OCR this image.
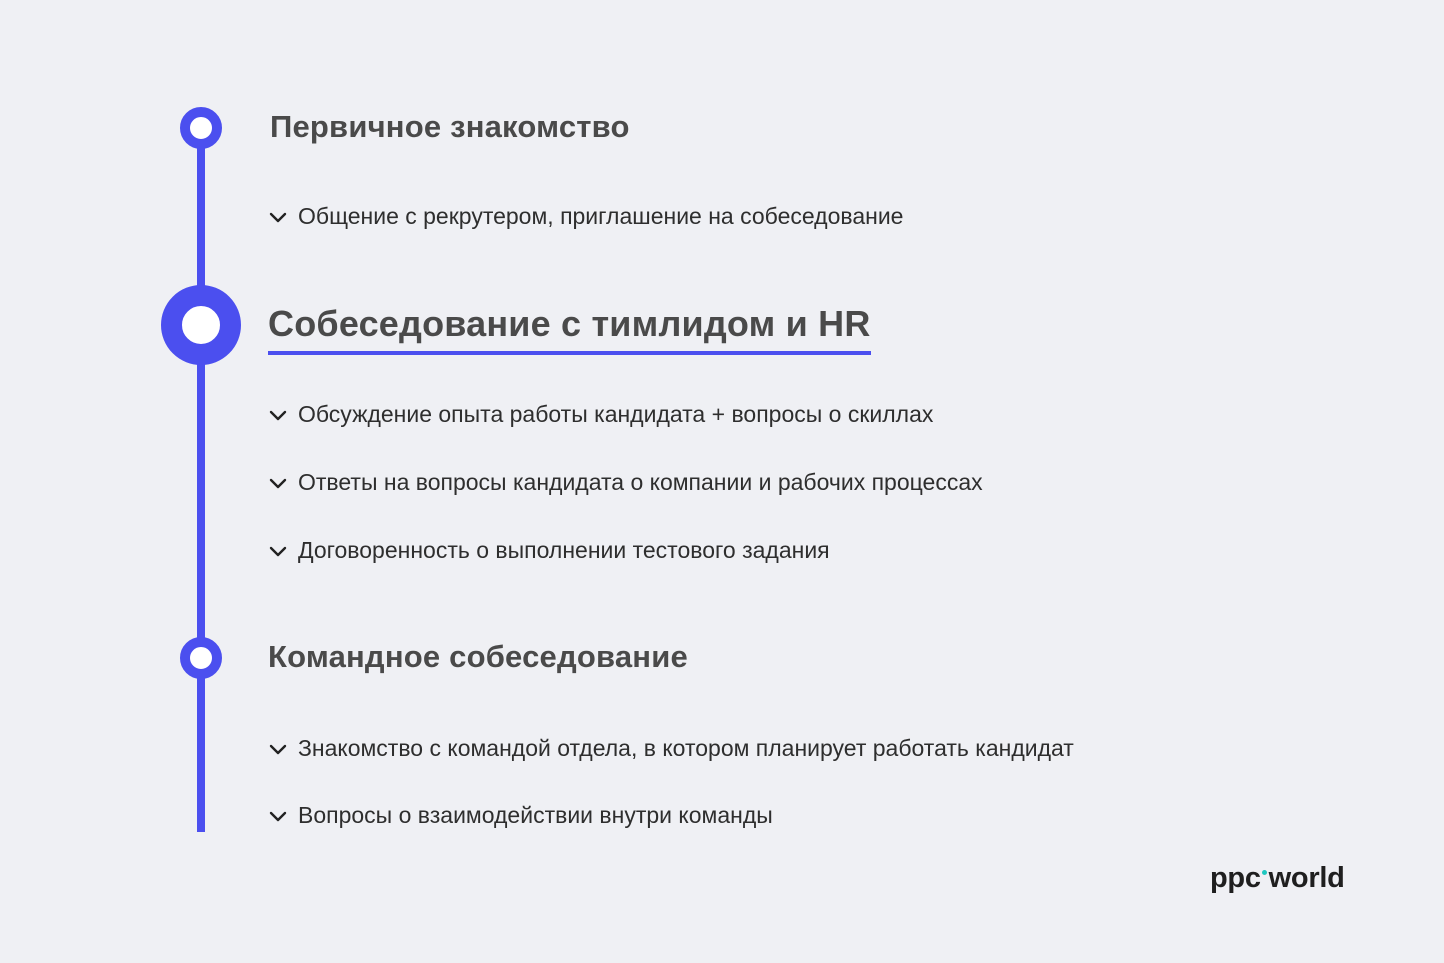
Первичное знакомство
Общение с рекрутером, приглашение на собеседование
Собеседование с тимлидом и HR
Обсуждение опыта работы кандидата + вопросы о скиллах
Ответы на вопросы кандидата о компании и рабочих процессах
Договоренность о выполнении тестового задания
Командное собеседование
Знакомство с командой отдела, в котором планирует работать кандидат
Вопросы о взаимодействии внутри команды
ppc world
